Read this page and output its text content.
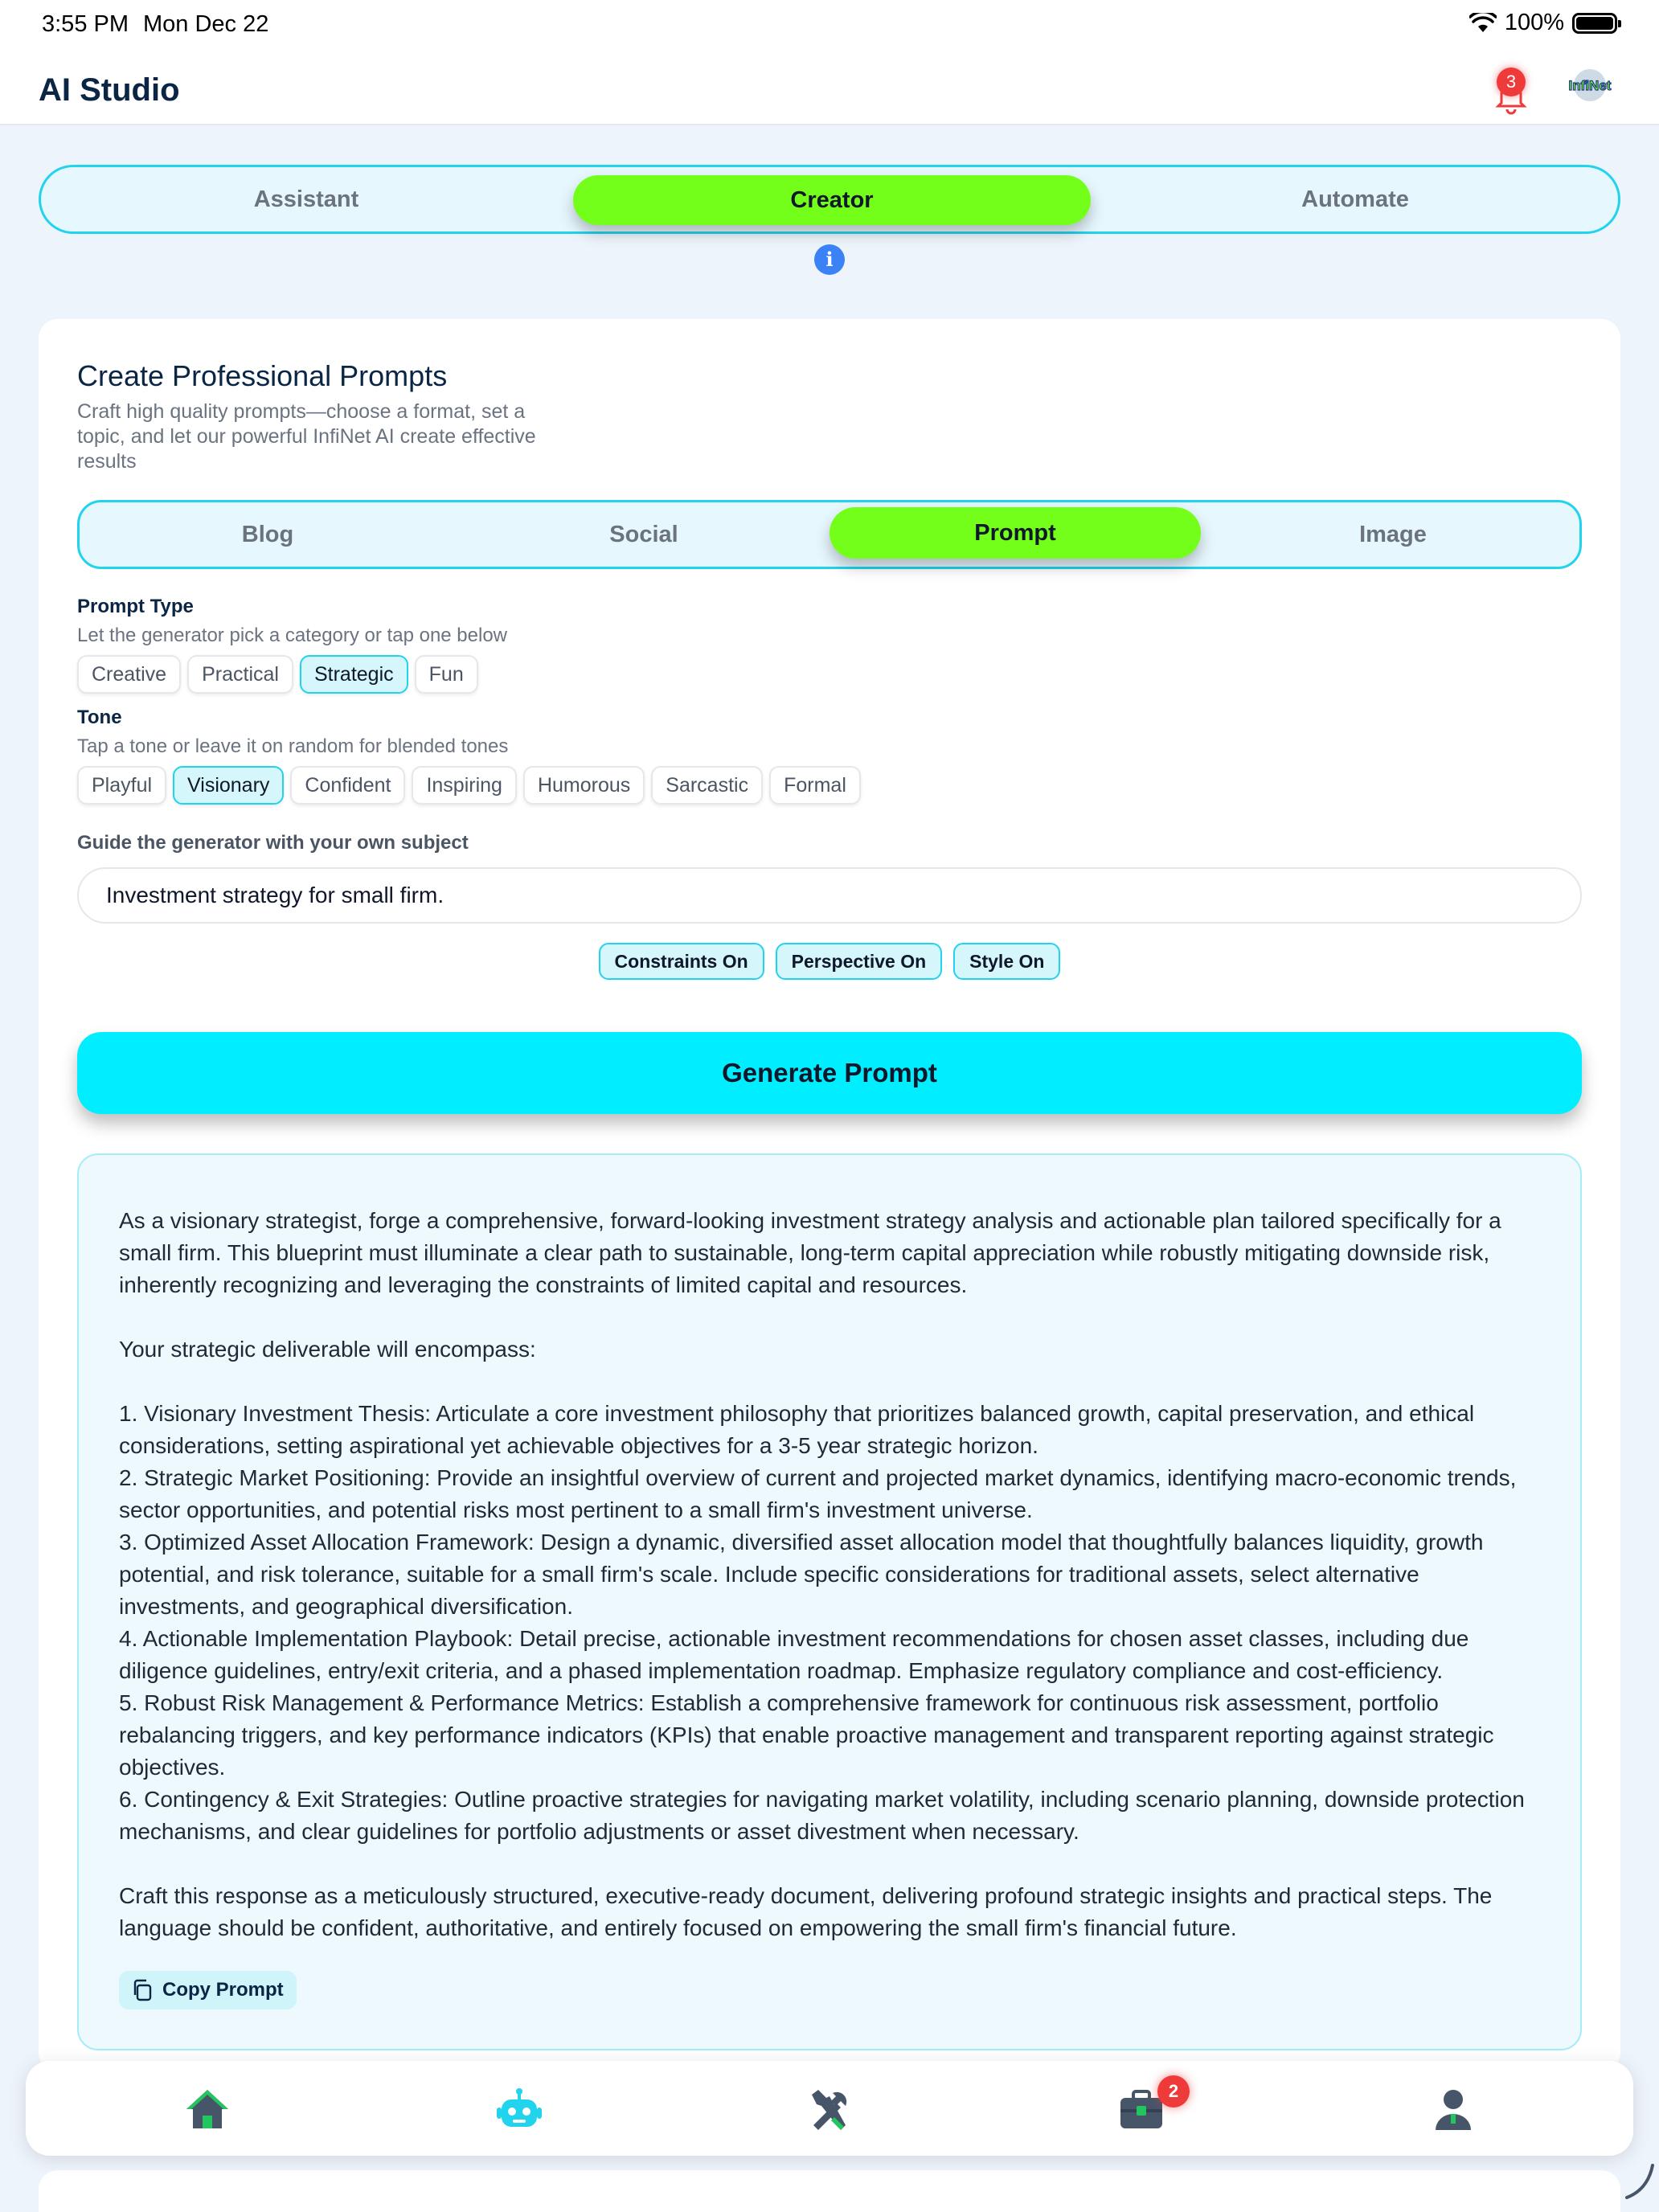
3:55 PM Mon Dec 22	100%
AI Studio	3	InfiNet
Assistant	Creator	Automate
i
Create Professional Prompts
Craft high quality prompts—choose a format, set a topic, and let our powerful InfiNet AI create effective results
Blog	Social	Prompt	Image
Prompt Type
Let the generator pick a category or tap one below
Creative	Practical	Strategic	Fun
Tone
Tap a tone or leave it on random for blended tones
Playful	Visionary	Confident	Inspiring	Humorous	Sarcastic	Formal
Guide the generator with your own subject
Investment strategy for small firm.
Constraints On	Perspective On	Style On
Generate Prompt

As a visionary strategist, forge a comprehensive, forward-looking investment strategy analysis and actionable plan tailored specifically for a small firm. This blueprint must illuminate a clear path to sustainable, long-term capital appreciation while robustly mitigating downside risk, inherently recognizing and leveraging the constraints of limited capital and resources.

Your strategic deliverable will encompass:

1. Visionary Investment Thesis: Articulate a core investment philosophy that prioritizes balanced growth, capital preservation, and ethical considerations, setting aspirational yet achievable objectives for a 3-5 year strategic horizon.

2. Strategic Market Positioning: Provide an insightful overview of current and projected market dynamics, identifying macro-economic trends, sector opportunities, and potential risks most pertinent to a small firm's investment universe.

3. Optimized Asset Allocation Framework: Design a dynamic, diversified asset allocation model that thoughtfully balances liquidity, growth potential, and risk tolerance, suitable for a small firm's scale. Include specific considerations for traditional assets, select alternative investments, and geographical diversification.

4. Actionable Implementation Playbook: Detail precise, actionable investment recommendations for chosen asset classes, including due diligence guidelines, entry/exit criteria, and a phased implementation roadmap. Emphasize regulatory compliance and cost-efficiency.

5. Robust Risk Management & Performance Metrics: Establish a comprehensive framework for continuous risk assessment, portfolio rebalancing triggers, and key performance indicators (KPIs) that enable proactive management and transparent reporting against strategic objectives.

6. Contingency & Exit Strategies: Outline proactive strategies for navigating market volatility, including scenario planning, downside protection mechanisms, and clear guidelines for portfolio adjustments or asset divestment when necessary.

Craft this response as a meticulously structured, executive-ready document, delivering profound strategic insights and practical steps. The language should be confident, authoritative, and entirely focused on empowering the small firm's financial future.

Copy Prompt
2
